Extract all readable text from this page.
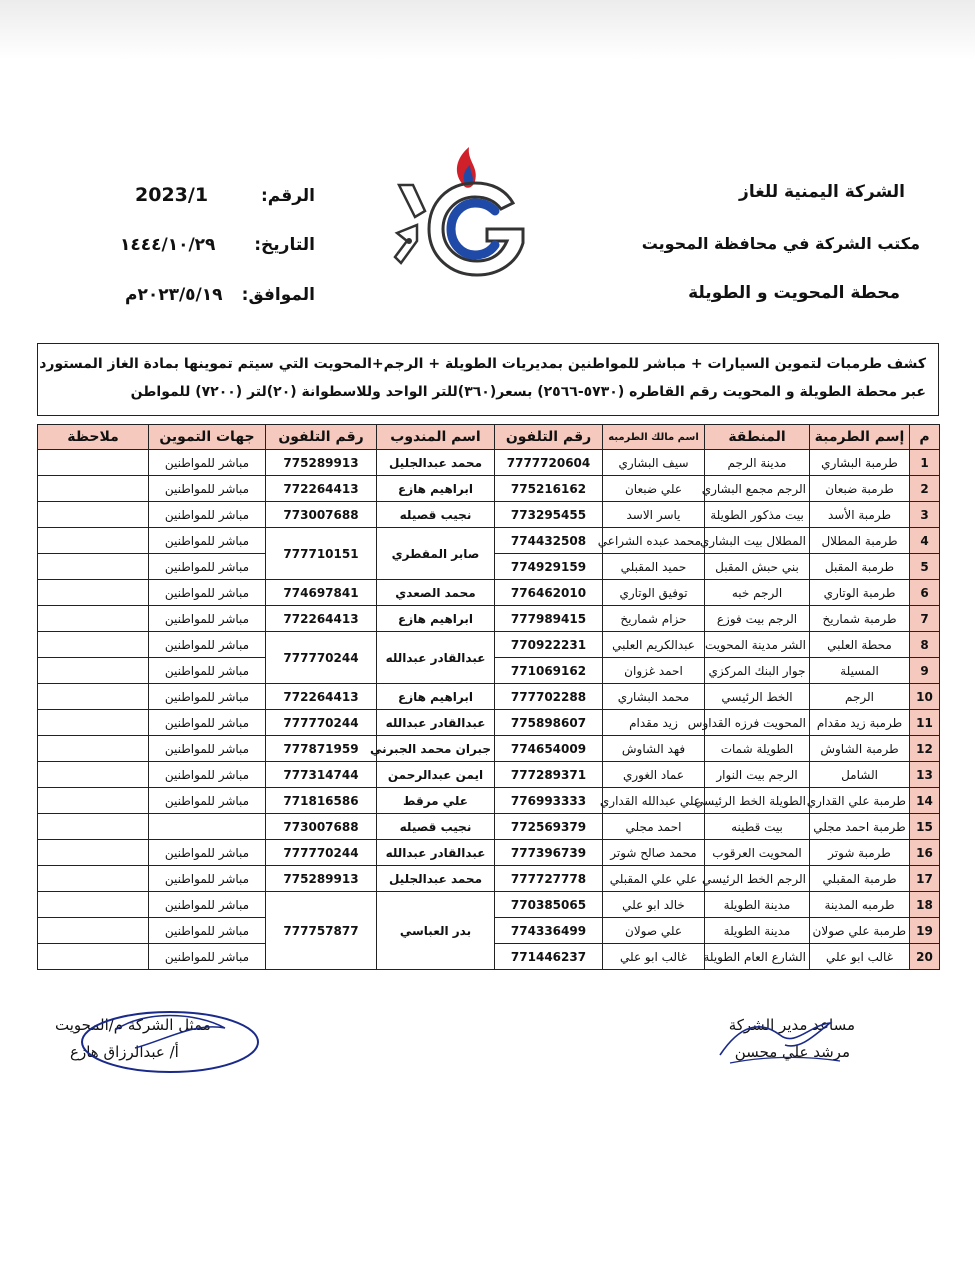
الشركة اليمنية للغاز
مكتب الشركة في محافظة المحويت
محطة المحويت و الطويلة
الرقم:
2023/1
التاريخ:
١٤٤٤/١٠/٢٩
الموافق:
٢٠٢٣/٥/١٩م
كشف طرمبات لتموين السيارات + مباشر للمواطنين بمديريات الطويلة + الرجم+المحويت التي سيتم تموينها بمادة الغاز المستورد
عبر محطة الطويلة و المحويت رقم القاطره (٥٧٣٠-٢٥٦٦) بسعر(٣٦٠)للتر الواحد وللاسطوانة (٢٠)لتر (٧٢٠٠) للمواطن
م	إسم الطرمبة	المنطقة	اسم مالك الطرمبه	رقم التلفون	اسم المندوب	رقم التلفون	جهات التموين	ملاحظة
1	طرمبة البشاري	مدينة الرجم	سيف البشاري	7777720604	محمد عبدالجليل	775289913	مباشر للمواطنين	
2	طرمبة ضبعان	الرجم مجمع البشاري	علي ضبعان	775216162	ابراهيم هازع	772264413	مباشر للمواطنين	
3	طرمبة الأسد	بيت مذكور الطويلة	ياسر الاسد	773295455	نجيب قصيله	773007688	مباشر للمواطنين	
4	طرمبة المطلال	المطلال بيت البشاري	محمد عبده الشراعي	774432508	صابر المقطري	777710151	مباشر للمواطنين	
5	طرمبة المقبل	بني حبش المقبل	حميد المقبلي	774929159			مباشر للمواطنين	
6	طرمبة الوتاري	الرجم خبه	توفيق الوتاري	776462010	محمد الصعدي	774697841	مباشر للمواطنين	
7	طرمبة شماريخ	الرجم بيت فوزع	حزام شماريخ	777989415	ابراهيم هازع	772264413	مباشر للمواطنين	
8	محطة العلبي	الشر مدينة المحويت	عبدالكريم العلبي	770922231	عبدالقادر عبدالله	777770244	مباشر للمواطنين	
9	المسيلة	جوار البنك المركزي	احمد غزوان	771069162			مباشر للمواطنين	
10	الرجم	الخط الرئيسي	محمد البشاري	777702288	ابراهيم هازع	772264413	مباشر للمواطنين	
11	طرمبة زيد مقدام	المحويت فرزه القداوس	زيد مقدام	775898607	عبدالقادر عبدالله	777770244	مباشر للمواطنين	
12	طرمبة الشاوش	الطويلة شمات	فهد الشاوش	774654009	جبران محمد الجبرني	777871959	مباشر للمواطنين	
13	الشامل	الرجم بيت النوار	عماد الغوري	777289371	ايمن عبدالرحمن	777314744	مباشر للمواطنين	
14	طرمبة علي القداري	الطويلة الخط الرئيسي	علي عبدالله القداري	776993333	علي مرقط	771816586	مباشر للمواطنين	
15	طرمبة احمد مجلي	بيت قطينه	احمد مجلي	772569379	نجيب قصيله	773007688		
16	طرمبة شوتر	المحويت العرقوب	محمد صالح شوتر	777396739	عبدالقادر عبدالله	777770244	مباشر للمواطنين	
17	طرمبة المقبلي	الرجم الخط الرئيسي	علي علي المقبلي	777727778	محمد عبدالجليل	775289913	مباشر للمواطنين	
18	طرمبه المدينة	مدينة الطويلة	خالد ابو علي	770385065	بدر العباسي	777757877	مباشر للمواطنين	
19	طرمبة علي صولان	مدينة الطويلة	علي صولان	774336499			مباشر للمواطنين	
20	غالب ابو علي	الشارع العام الطويلة	غالب ابو علي	771446237			مباشر للمواطنين	
مساعد مدير الشركة
مرشد علي محسن
ممثل الشركة م/المحويت
أ/ عبدالرزاق هازع
